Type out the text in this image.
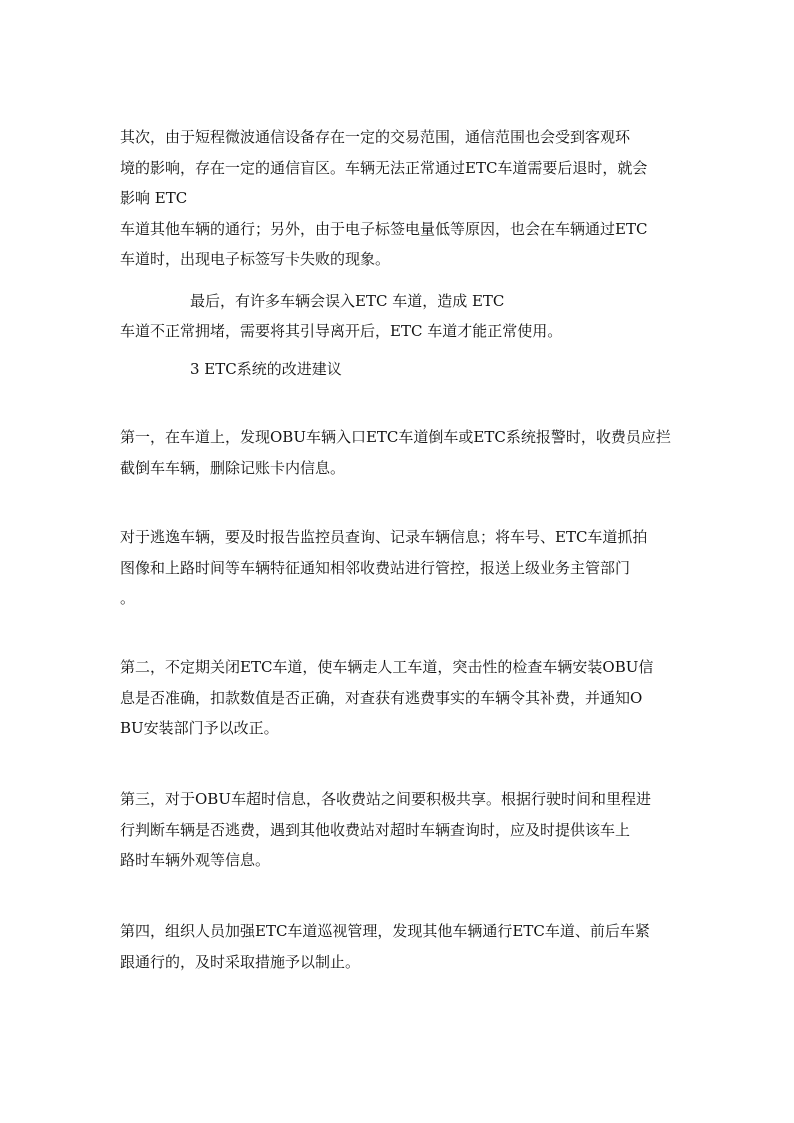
其次，由于短程微波通信设备存在一定的交易范围，通信范围也会受到客观环
境的影响，存在一定的通信盲区。车辆无法正常通过ETC车道需要后退时，就会
影响 ETC
车道其他车辆的通行；另外，由于电子标签电量低等原因，也会在车辆通过ETC
车道时，出现电子标签写卡失败的现象。

最后，有许多车辆会误入ETC 车道，造成 ETC

车道不正常拥堵，需要将其引导离开后，ETC 车道才能正常使用。

3 ETC系统的改进建议

第一，在车道上，发现OBU车辆入口ETC车道倒车或ETC系统报警时，收费员应拦
截倒车车辆，删除记账卡内信息。
对于逃逸车辆，要及时报告监控员查询、记录车辆信息；将车号、ETC车道抓拍
图像和上路时间等车辆特征通知相邻收费站进行管控，报送上级业务主管部门
。
第二，不定期关闭ETC车道，使车辆走人工车道，突击性的检查车辆安装OBU信
息是否准确，扣款数值是否正确，对查获有逃费事实的车辆令其补费，并通知O
BU安装部门予以改正。
第三，对于OBU车超时信息，各收费站之间要积极共享。根据行驶时间和里程进
行判断车辆是否逃费，遇到其他收费站对超时车辆查询时，应及时提供该车上
路时车辆外观等信息。
第四，组织人员加强ETC车道巡视管理，发现其他车辆通行ETC车道、前后车紧
跟通行的，及时采取措施予以制止。
